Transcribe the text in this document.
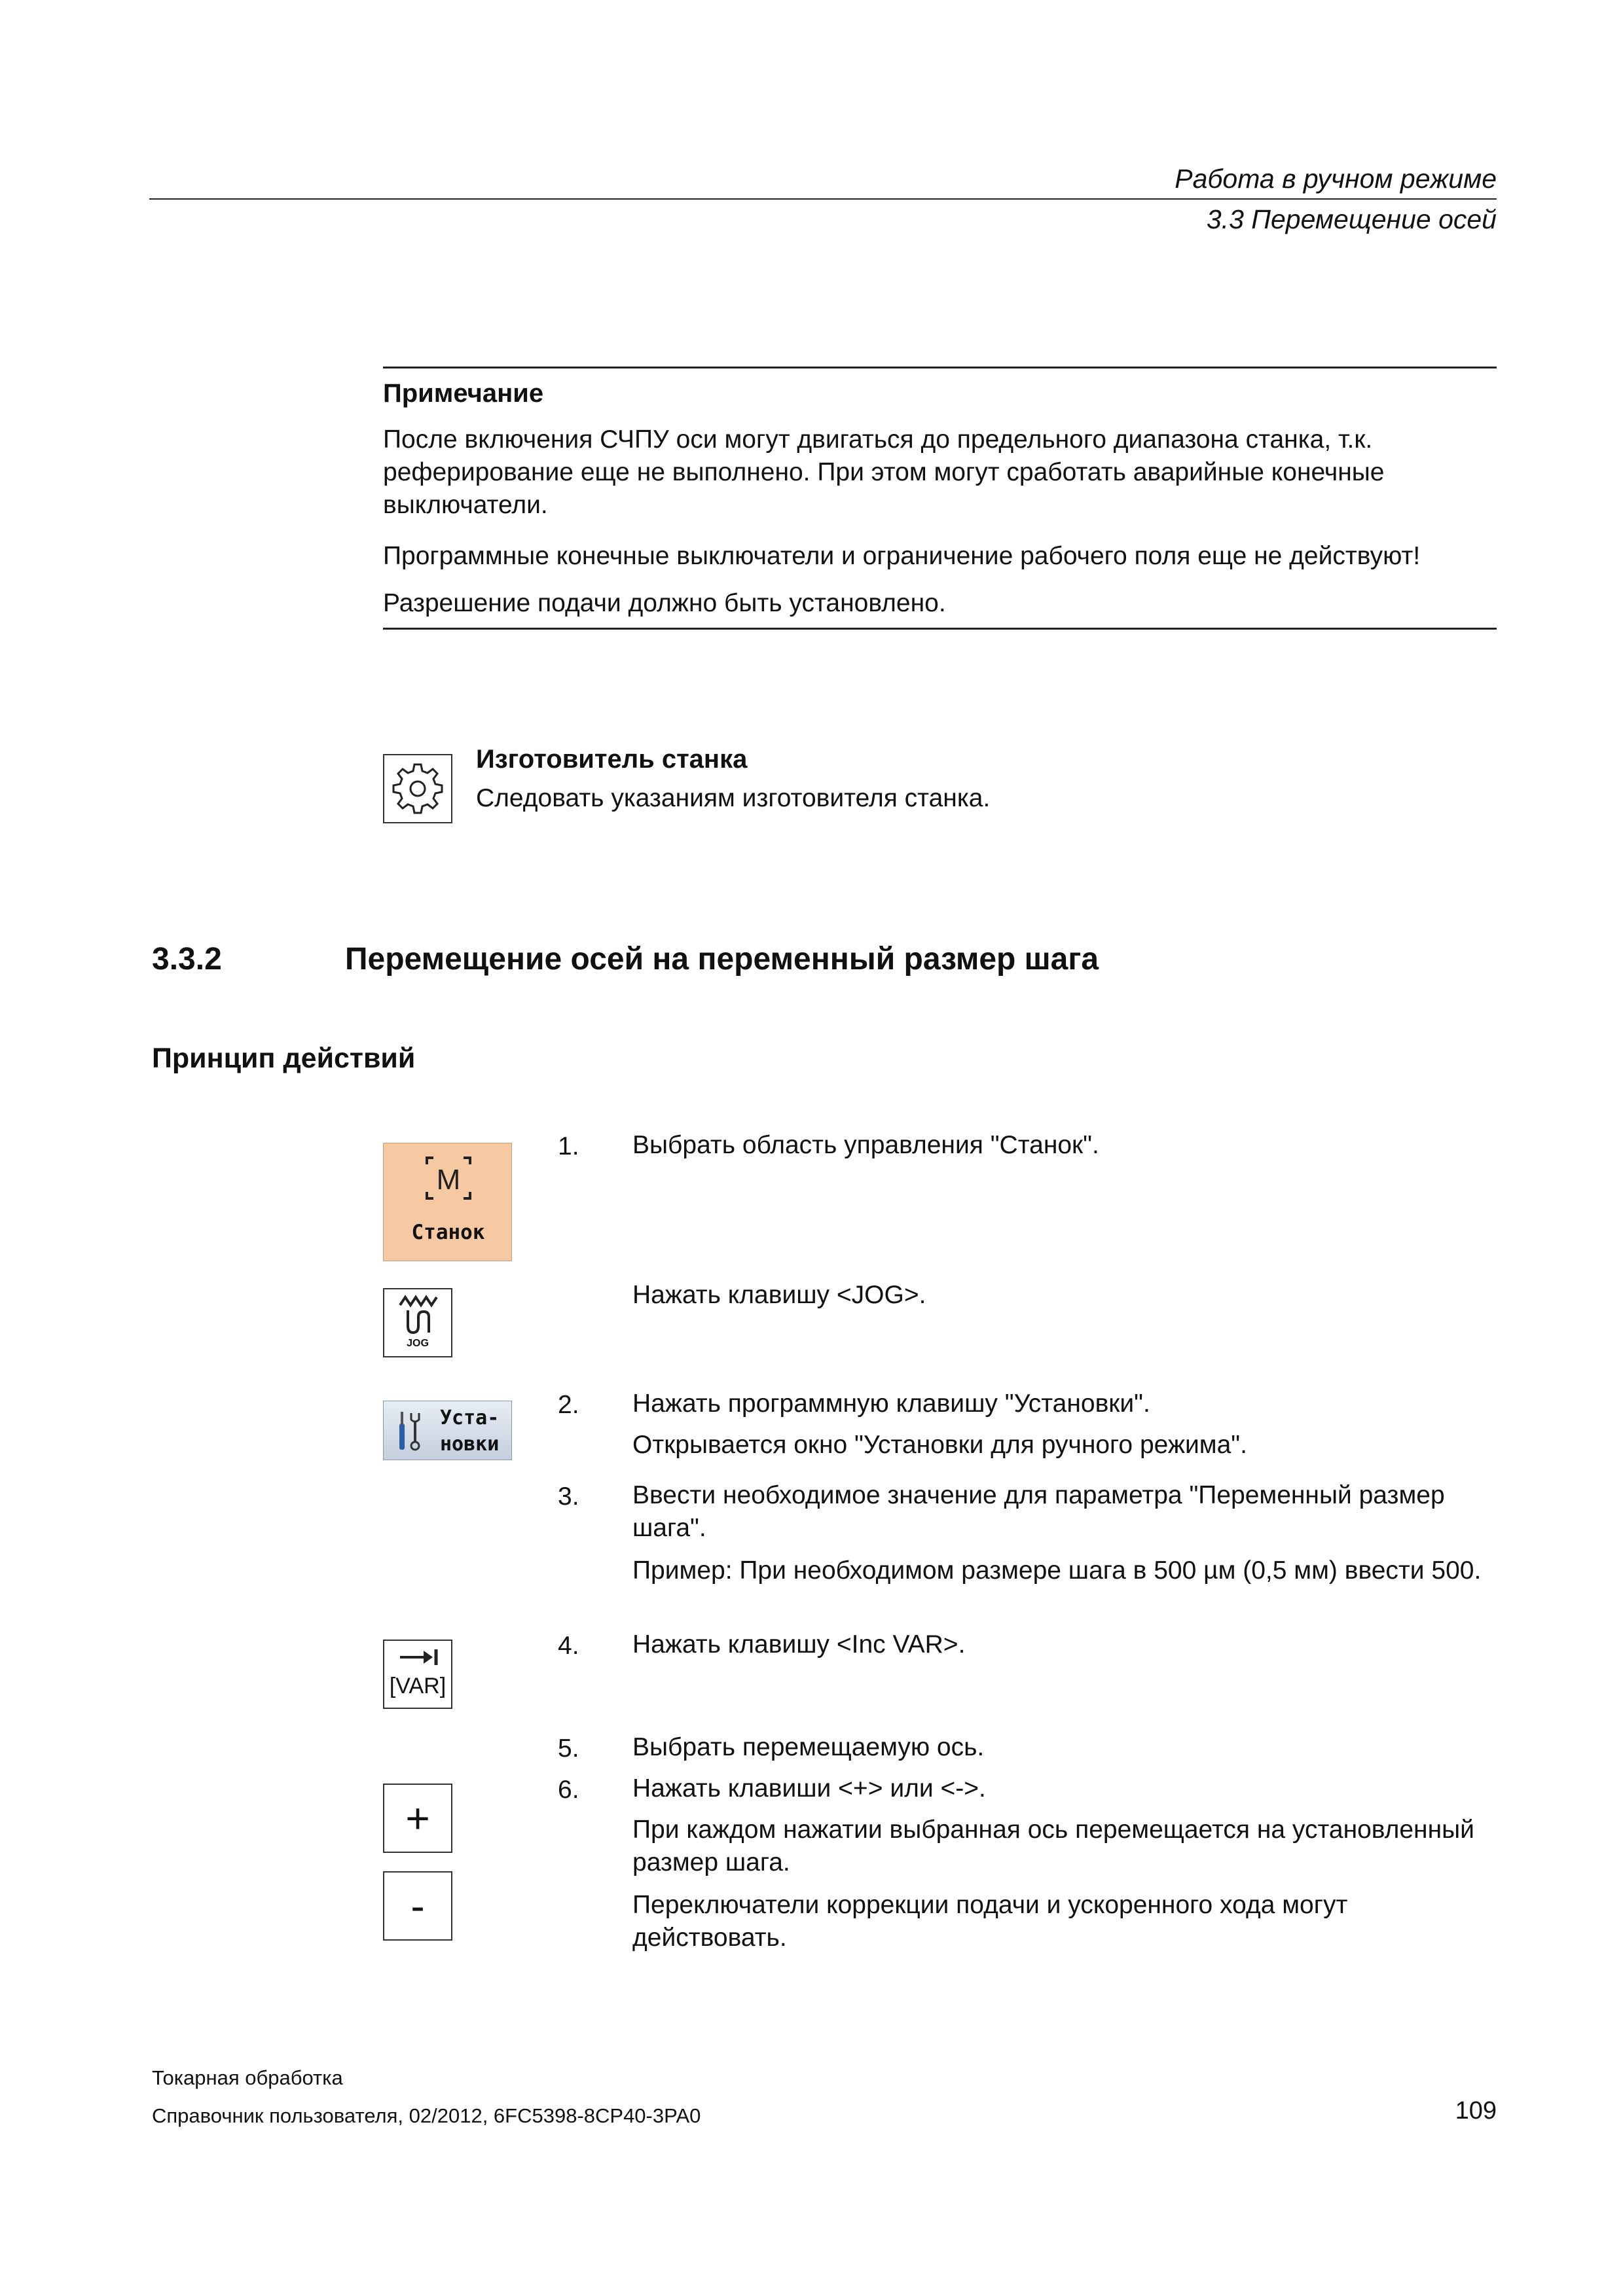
Работа в ручном режиме
3.3 Перемещение осей
Примечание
После включения СЧПУ оси могут двигаться до предельного диапазона станка, т.к. реферирование еще не выполнено. При этом могут сработать аварийные конечные выключатели.
Программные конечные выключатели и ограничение рабочего поля еще не действуют!
Разрешение подачи должно быть установлено.
Изготовитель станка
Следовать указаниям изготовителя станка.
3.3.2	Перемещение осей на переменный размер шага
Принцип действий
M
Станок
JOG
Уста-
новки
[VAR]
+
-
1. Выбрать область управления "Станок".
Нажать клавишу <JOG>.
2. Нажать программную клавишу "Установки".
Открывается окно "Установки для ручного режима".
3. Ввести необходимое значение для параметра "Переменный размер шага".
Пример: При необходимом размере шага в 500 µм (0,5 мм) ввести 500.
4. Нажать клавишу <Inc VAR>.
5. Выбрать перемещаемую ось.
6. Нажать клавиши <+> или <->.
При каждом нажатии выбранная ось перемещается на установленный размер шага.
Переключатели коррекции подачи и ускоренного хода могут действовать.
Токарная обработка
Справочник пользователя, 02/2012, 6FC5398-8CP40-3PA0	109
